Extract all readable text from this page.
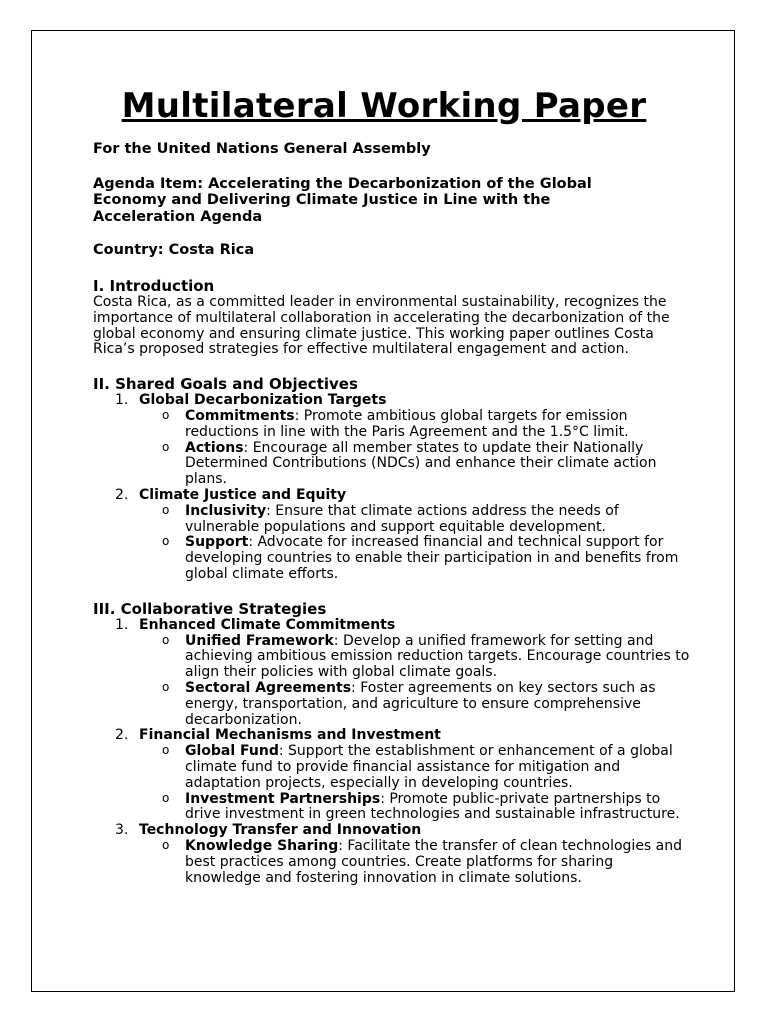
Multilateral Working Paper
For the United Nations General Assembly
Agenda Item: Accelerating the Decarbonization of the Global Economy and Delivering Climate Justice in Line with the Acceleration Agenda
Country: Costa Rica
I. Introduction

Costa Rica, as a committed leader in environmental sustainability, recognizes the importance of multilateral collaboration in accelerating the decarbonization of the global economy and ensuring climate justice. This working paper outlines Costa Rica’s proposed strategies for effective multilateral engagement and action.

II. Shared Goals and Objectives
1. Global Decarbonization Targets
o Commitments: Promote ambitious global targets for emission reductions in line with the Paris Agreement and the 1.5°C limit.
o Actions: Encourage all member states to update their Nationally Determined Contributions (NDCs) and enhance their climate action plans.
2. Climate Justice and Equity
o Inclusivity: Ensure that climate actions address the needs of vulnerable populations and support equitable development.
o Support: Advocate for increased financial and technical support for developing countries to enable their participation in and benefits from global climate efforts.
III. Collaborative Strategies
1. Enhanced Climate Commitments
o Unified Framework: Develop a unified framework for setting and achieving ambitious emission reduction targets. Encourage countries to align their policies with global climate goals.
o Sectoral Agreements: Foster agreements on key sectors such as energy, transportation, and agriculture to ensure comprehensive decarbonization.
2. Financial Mechanisms and Investment
o Global Fund: Support the establishment or enhancement of a global climate fund to provide financial assistance for mitigation and adaptation projects, especially in developing countries.
o Investment Partnerships: Promote public-private partnerships to drive investment in green technologies and sustainable infrastructure.
3. Technology Transfer and Innovation
o Knowledge Sharing: Facilitate the transfer of clean technologies and best practices among countries. Create platforms for sharing knowledge and fostering innovation in climate solutions.
